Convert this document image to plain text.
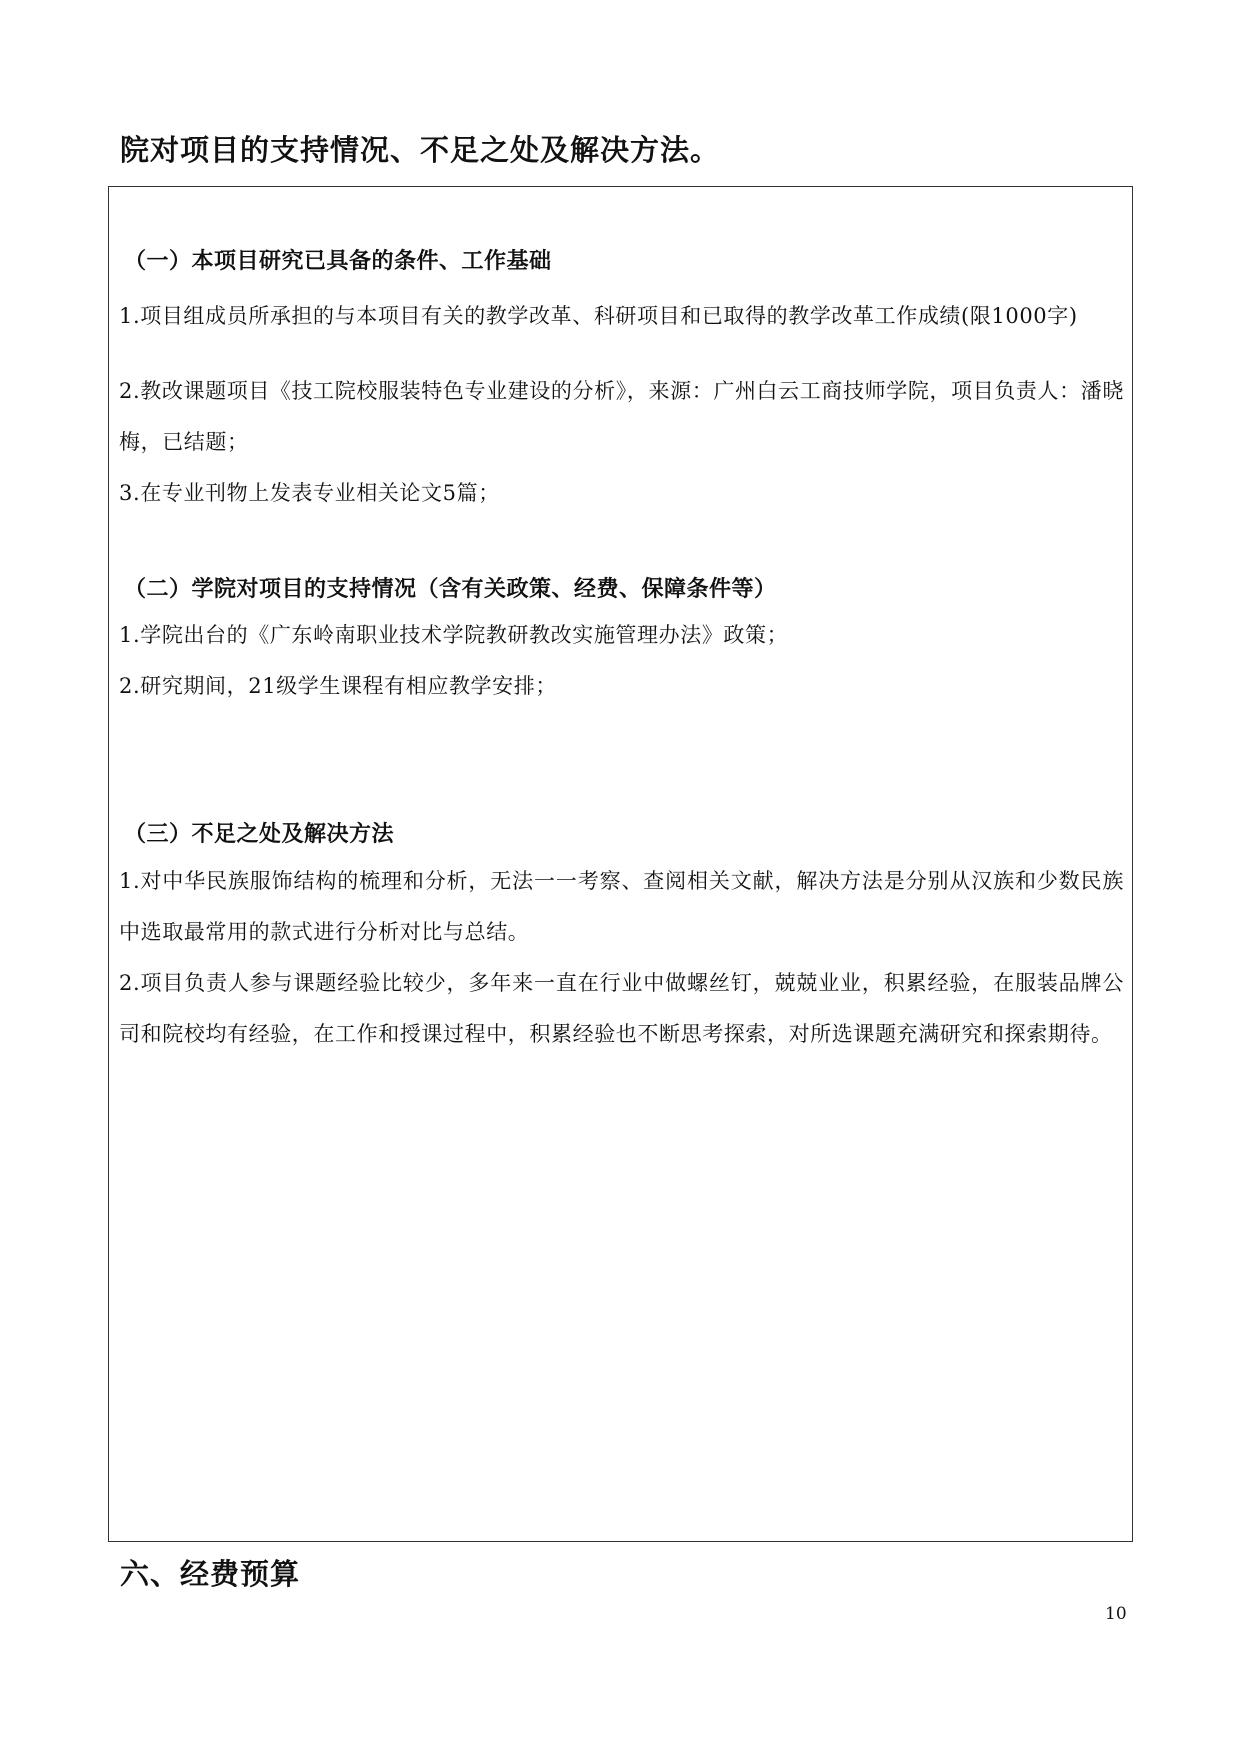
院对项目的支持情况、不足之处及解决方法。
（一）本项目研究已具备的条件、工作基础
1.项目组成员所承担的与本项目有关的教学改革、科研项目和已取得的教学改革工作成绩(限1000字)
2.教改课题项目《技工院校服装特色专业建设的分析》，来源：广州白云工商技师学院，项目负责人：潘晓梅，已结题；
3.在专业刊物上发表专业相关论文5篇；
（二）学院对项目的支持情况（含有关政策、经费、保障条件等）
1.学院出台的《广东岭南职业技术学院教研教改实施管理办法》政策；
2.研究期间，21级学生课程有相应教学安排；
（三）不足之处及解决方法
1.对中华民族服饰结构的梳理和分析，无法一一考察、查阅相关文献，解决方法是分别从汉族和少数民族中选取最常用的款式进行分析对比与总结。
2.项目负责人参与课题经验比较少，多年来一直在行业中做螺丝钉，兢兢业业，积累经验，在服装品牌公司和院校均有经验，在工作和授课过程中，积累经验也不断思考探索，对所选课题充满研究和探索期待。
六、经费预算
10
